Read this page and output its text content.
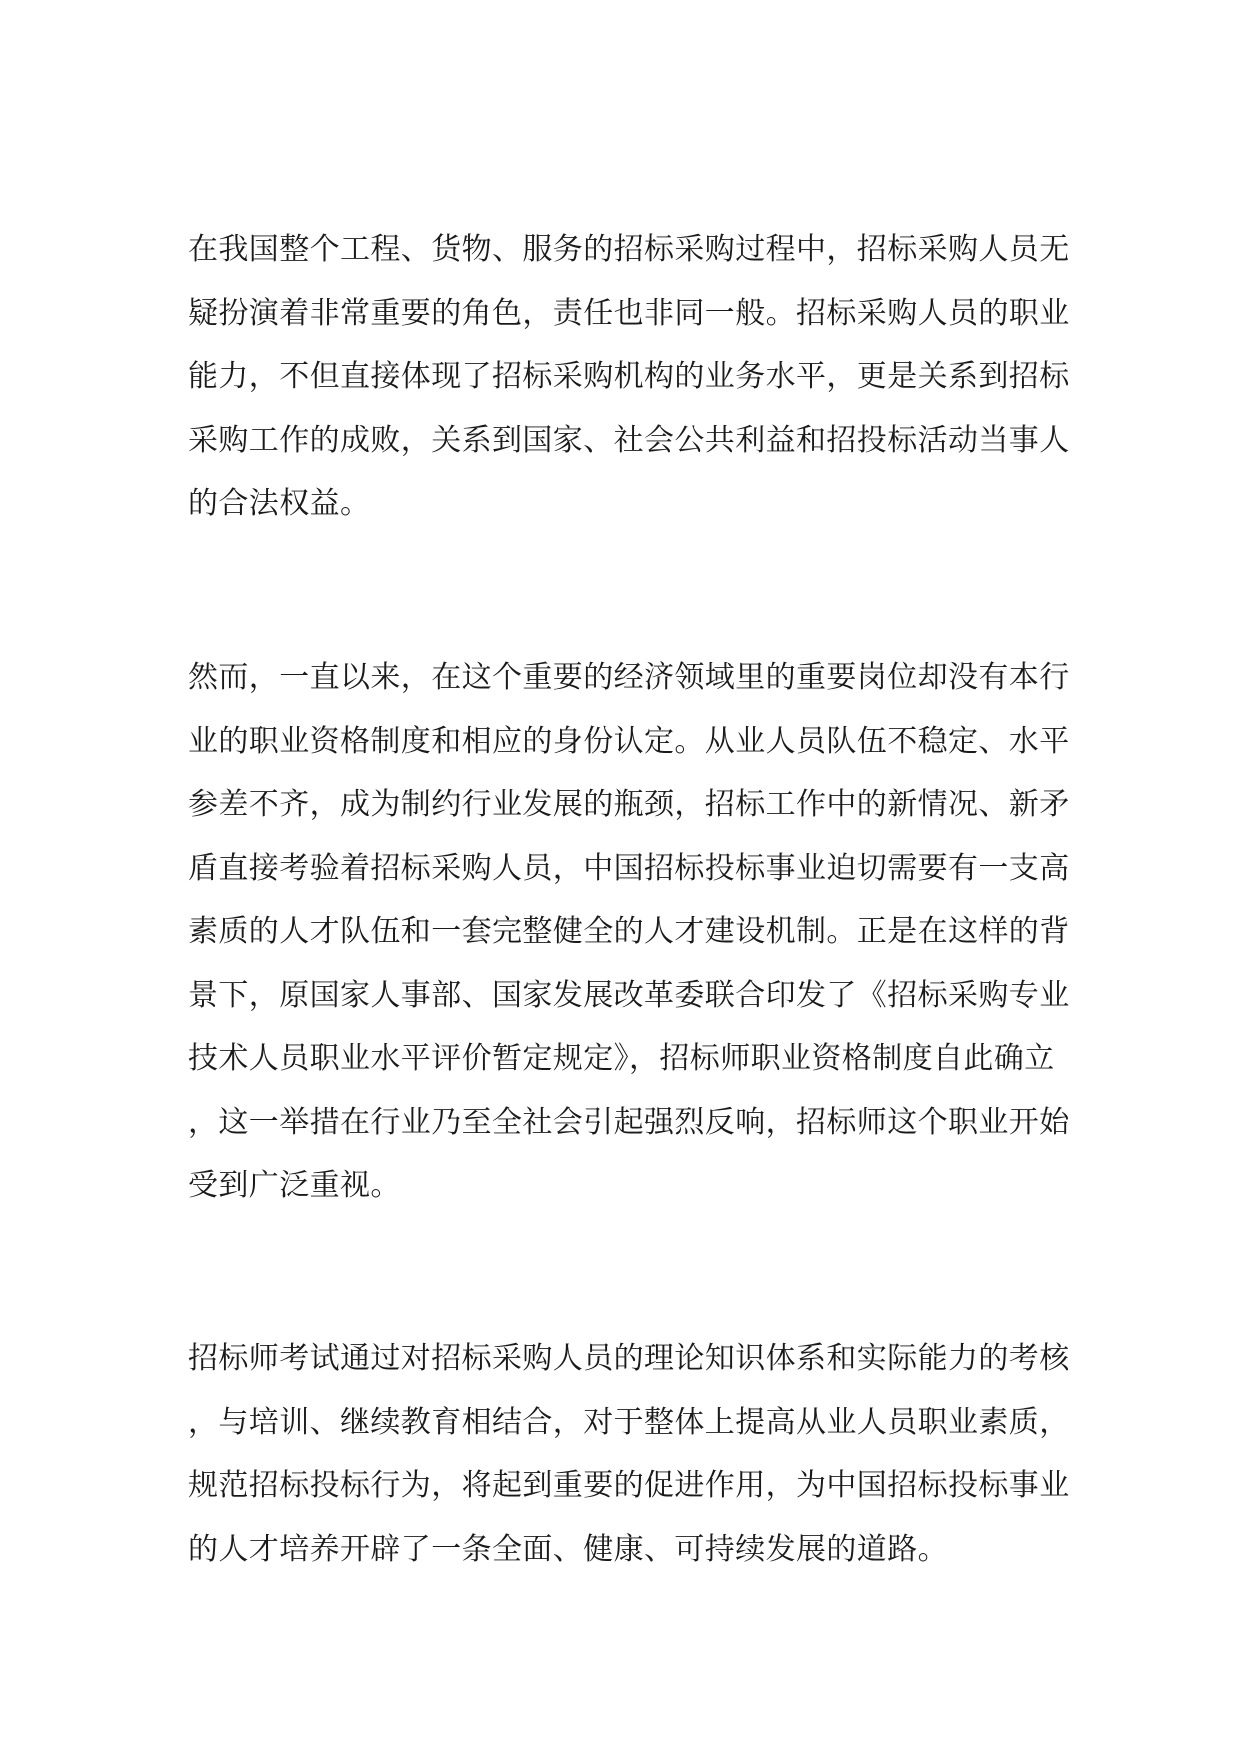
在我国整个工程、货物、服务的招标采购过程中，招标采购人员无
疑扮演着非常重要的角色，责任也非同一般。招标采购人员的职业
能力，不但直接体现了招标采购机构的业务水平，更是关系到招标
采购工作的成败，关系到国家、社会公共利益和招投标活动当事人
的合法权益。
然而，一直以来，在这个重要的经济领域里的重要岗位却没有本行
业的职业资格制度和相应的身份认定。从业人员队伍不稳定、水平
参差不齐，成为制约行业发展的瓶颈，招标工作中的新情况、新矛
盾直接考验着招标采购人员，中国招标投标事业迫切需要有一支高
素质的人才队伍和一套完整健全的人才建设机制。正是在这样的背
景下，原国家人事部、国家发展改革委联合印发了《招标采购专业
技术人员职业水平评价暂定规定》，招标师职业资格制度自此确立
，这一举措在行业乃至全社会引起强烈反响，招标师这个职业开始
受到广泛重视。
招标师考试通过对招标采购人员的理论知识体系和实际能力的考核
，与培训、继续教育相结合，对于整体上提高从业人员职业素质，
规范招标投标行为，将起到重要的促进作用，为中国招标投标事业
的人才培养开辟了一条全面、健康、可持续发展的道路。
